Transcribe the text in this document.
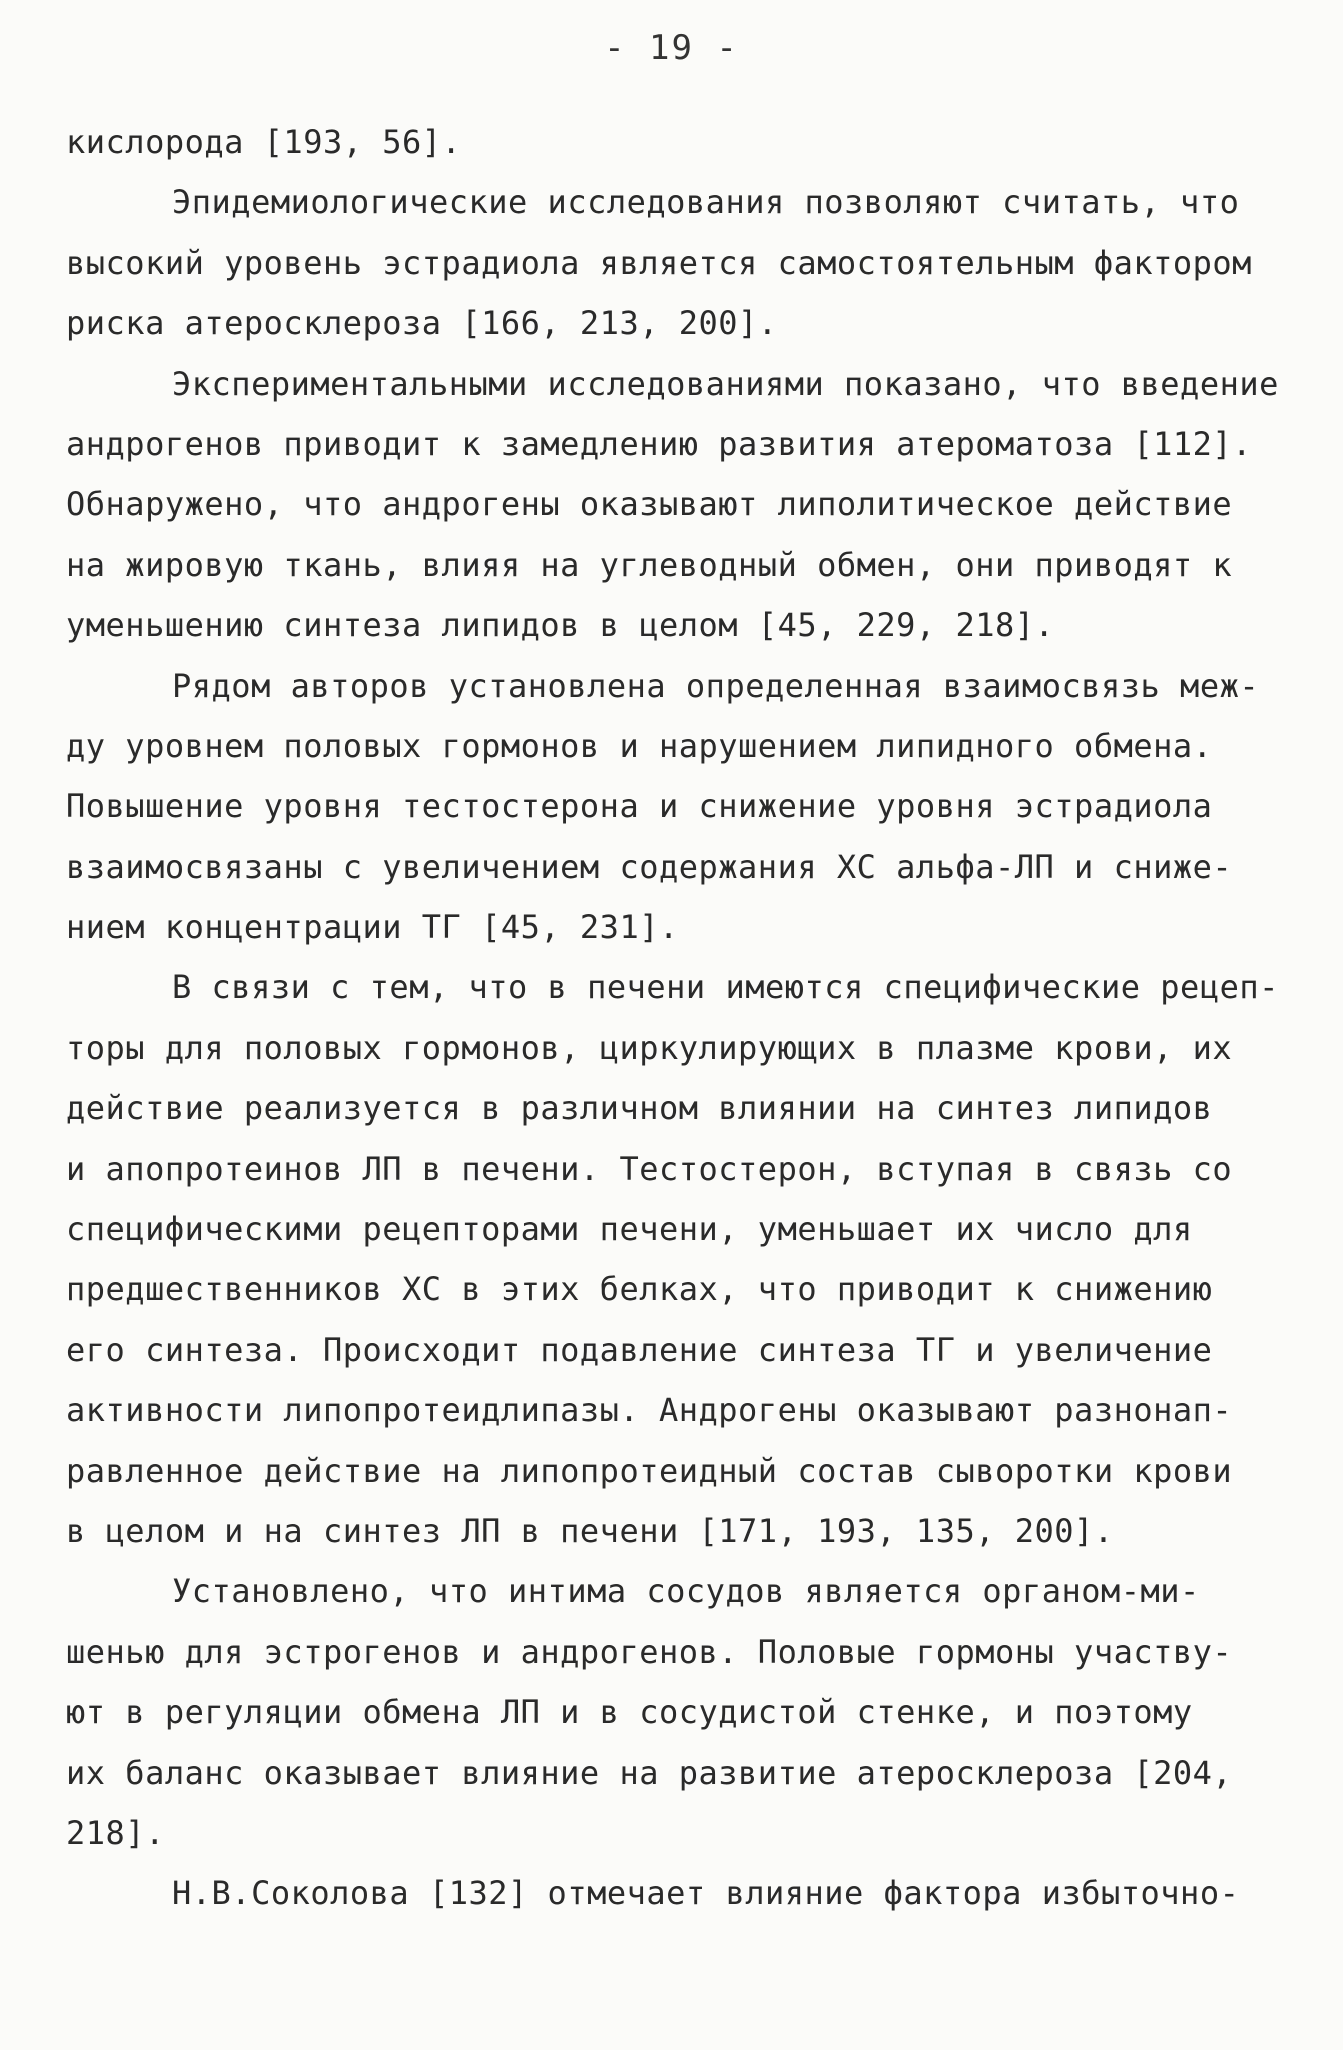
- 19 -
кислорода [193, 56].
Эпидемиологические исследования позволяют считать, что
высокий уровень эстрадиола является самостоятельным фактором
риска атеросклероза [166, 213, 200].
Экспериментальными исследованиями показано, что введение
андрогенов приводит к замедлению развития атероматоза [112].
Обнаружено, что андрогены оказывают липолитическое действие
на жировую ткань, влияя на углеводный обмен, они приводят к
уменьшению синтеза липидов в целом [45, 229, 218].
Рядом авторов установлена определенная взаимосвязь меж-
ду уровнем половых гормонов и нарушением липидного обмена.
Повышение уровня тестостерона и снижение уровня эстрадиола
взаимосвязаны с увеличением содержания ХС альфа-ЛП и сниже-
нием концентрации ТГ [45, 231].
В связи с тем, что в печени имеются специфические рецеп-
торы для половых гормонов, циркулирующих в плазме крови, их
действие реализуется в различном влиянии на синтез липидов
и апопротеинов ЛП в печени. Тестостерон, вступая в связь со
специфическими рецепторами печени, уменьшает их число для
предшественников ХС в этих белках, что приводит к снижению
его синтеза. Происходит подавление синтеза ТГ и увеличение
активности липопротеидлипазы. Андрогены оказывают разнонап-
равленное действие на липопротеидный состав сыворотки крови
в целом и на синтез ЛП в печени [171, 193, 135, 200].
Установлено, что интима сосудов является органом-ми-
шенью для эстрогенов и андрогенов. Половые гормоны участву-
ют в регуляции обмена ЛП и в сосудистой стенке, и поэтому
их баланс оказывает влияние на развитие атеросклероза [204,
218].
Н.В.Соколова [132] отмечает влияние фактора избыточно-
